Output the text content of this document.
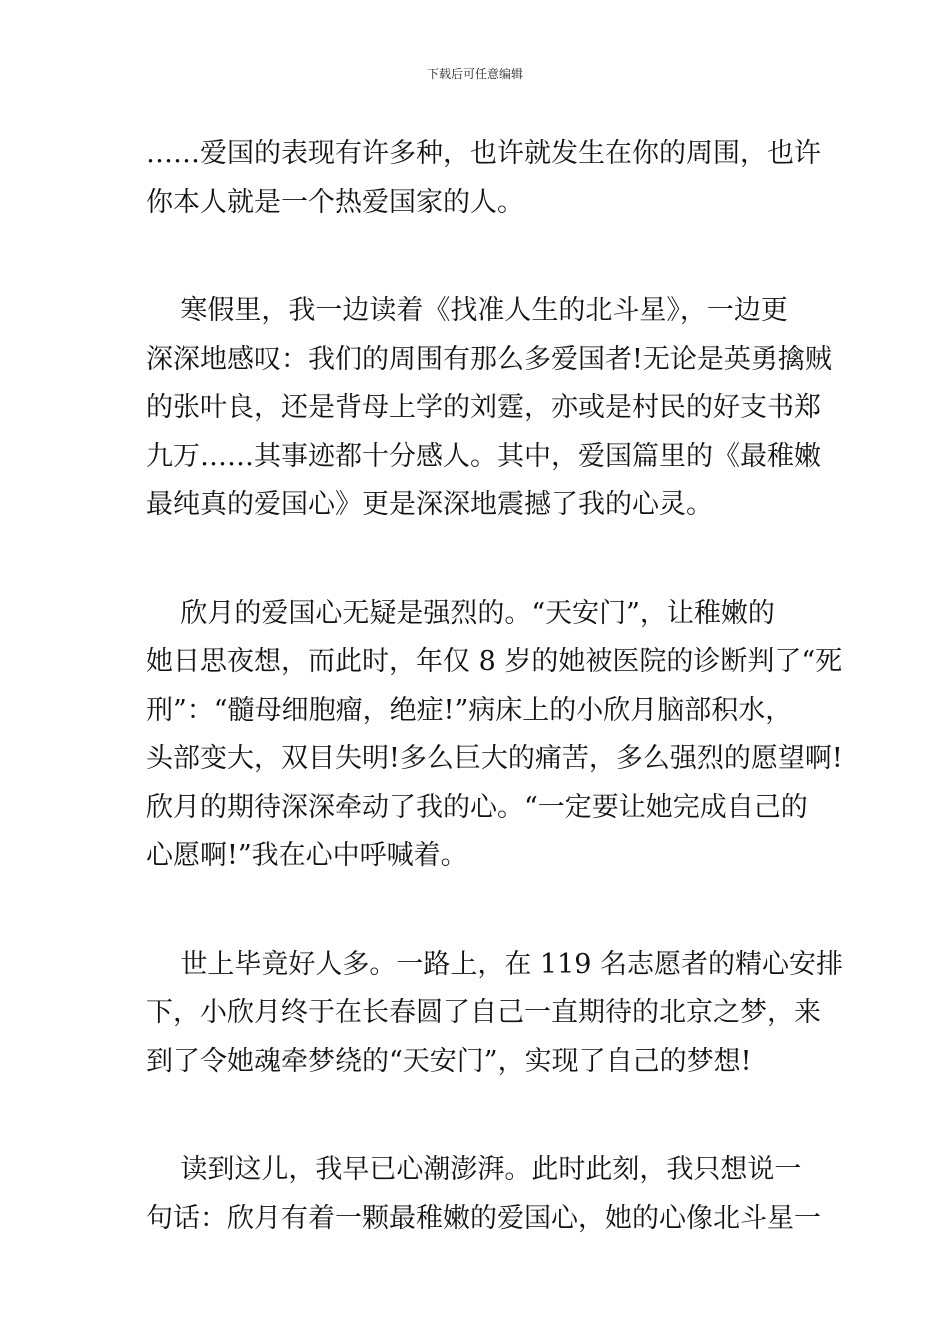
下载后可任意编辑
……爱国的表现有许多种，也许就发生在你的周围，也许
你本人就是一个热爱国家的人。
寒假里，我一边读着《找准人生的北斗星》，一边更
深深地感叹：我们的周围有那么多爱国者!无论是英勇擒贼
的张叶良，还是背母上学的刘霆，亦或是村民的好支书郑
九万……其事迹都十分感人。其中，爱国篇里的《最稚嫩
最纯真的爱国心》更是深深地震撼了我的心灵。
欣月的爱国心无疑是强烈的。“天安门”，让稚嫩的
她日思夜想，而此时，年仅 8 岁的她被医院的诊断判了“死
刑”：“髓母细胞瘤，绝症!”病床上的小欣月脑部积水，
头部变大，双目失明!多么巨大的痛苦，多么强烈的愿望啊!
欣月的期待深深牵动了我的心。“一定要让她完成自己的
心愿啊!”我在心中呼喊着。
世上毕竟好人多。一路上，在 119 名志愿者的精心安排
下，小欣月终于在长春圆了自己一直期待的北京之梦，来
到了令她魂牵梦绕的“天安门”，实现了自己的梦想!
读到这儿，我早已心潮澎湃。此时此刻，我只想说一
句话：欣月有着一颗最稚嫩的爱国心，她的心像北斗星一
